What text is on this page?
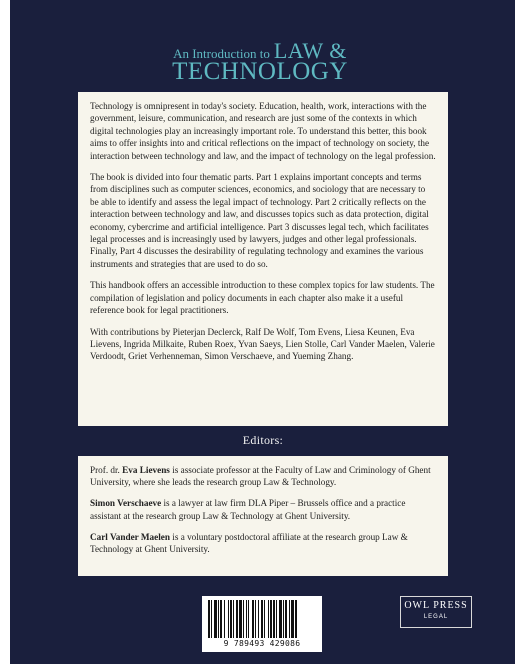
An Introduction to LAW &
TECHNOLOGY

Technology is omnipresent in today's society. Education, health, work, interactions with the government, leisure, communication, and research are just some of the contexts in which digital technologies play an increasingly important role. To understand this better, this book aims to offer insights into and critical reflections on the impact of technology on society, the interaction between technology and law, and the impact of technology on the legal profession.

The book is divided into four thematic parts. Part 1 explains important concepts and terms from disciplines such as computer sciences, economics, and sociology that are necessary to be able to identify and assess the legal impact of technology. Part 2 critically reflects on the interaction between technology and law, and discusses topics such as data protection, digital economy, cybercrime and artificial intelligence. Part 3 discusses legal tech, which facilitates legal processes and is increasingly used by lawyers, judges and other legal professionals. Finally, Part 4 discusses the desirability of regulating technology and examines the various instruments and strategies that are used to do so.

This handbook offers an accessible introduction to these complex topics for law students. The compilation of legislation and policy documents in each chapter also make it a useful reference book for legal practitioners.

With contributions by Pieterjan Declerck, Ralf De Wolf, Tom Evens, Liesa Keunen, Eva Lievens, Ingrida Milkaite, Ruben Roex, Yvan Saeys, Lien Stolle, Carl Vander Maelen, Valerie Verdoodt, Griet Verhenneman, Simon Verschaeve, and Yueming Zhang.

Editors:

Prof. dr. Eva Lievens is associate professor at the Faculty of Law and Criminology of Ghent University, where she leads the research group Law & Technology.

Simon Verschaeve is a lawyer at law firm DLA Piper – Brussels office and a practice assistant at the research group Law & Technology at Ghent University.

Carl Vander Maelen is a voluntary postdoctoral affiliate at the research group Law & Technology at Ghent University.

9 789493 429086
OWL PRESS
LEGAL
